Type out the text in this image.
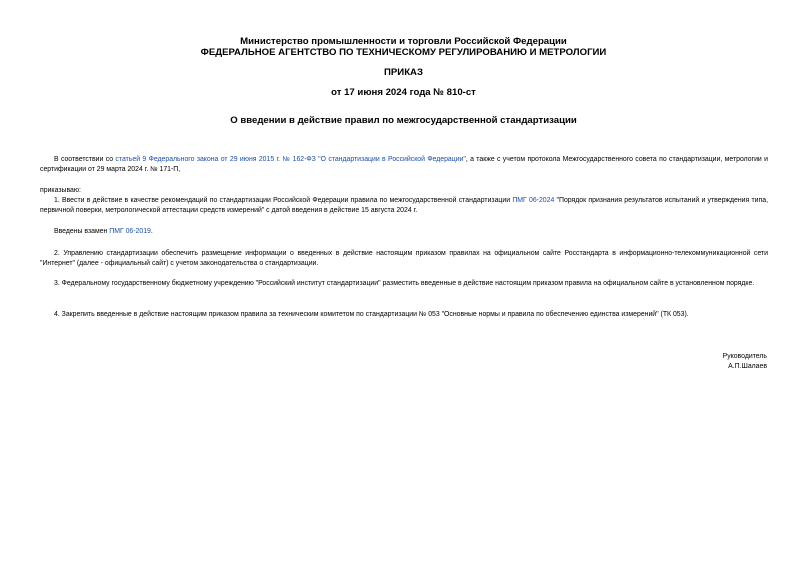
Министерство промышленности и торговли Российской Федерации
ФЕДЕРАЛЬНОЕ АГЕНТСТВО ПО ТЕХНИЧЕСКОМУ РЕГУЛИРОВАНИЮ И МЕТРОЛОГИИ
ПРИКАЗ
от 17 июня 2024 года № 810-ст
О введении в действие правил по межгосударственной стандартизации
В соответствии со статьей 9 Федерального закона от 29 июня 2015 г. № 162-ФЗ "О стандартизации в Российской Федерации", а также с учетом протокола Межгосударственного совета по стандартизации, метрологии и сертификации от 29 марта 2024 г. № 171-П,
приказываю:
1. Ввести в действие в качестве рекомендаций по стандартизации Российской Федерации правила по межгосударственной стандартизации ПМГ 06-2024 "Порядок признания результатов испытаний и утверждения типа, первичной поверки, метрологической аттестации средств измерений" с датой введения в действие 15 августа 2024 г.
Введены взамен ПМГ 06-2019.
2. Управлению стандартизации обеспечить размещение информации о введенных в действие настоящим приказом правилах на официальном сайте Росстандарта в информационно-телекоммуникационной сети "Интернет" (далее - официальный сайт) с учетом законодательства о стандартизации.
3. Федеральному государственному бюджетному учреждению "Российский институт стандартизации" разместить введенные в действие настоящим приказом правила на официальном сайте в установленном порядке.
4. Закрепить введенные в действие настоящим приказом правила за техническим комитетом по стандартизации № 053 "Основные нормы и правила по обеспечению единства измерений" (ТК 053).
Руководитель
А.П.Шалаев
